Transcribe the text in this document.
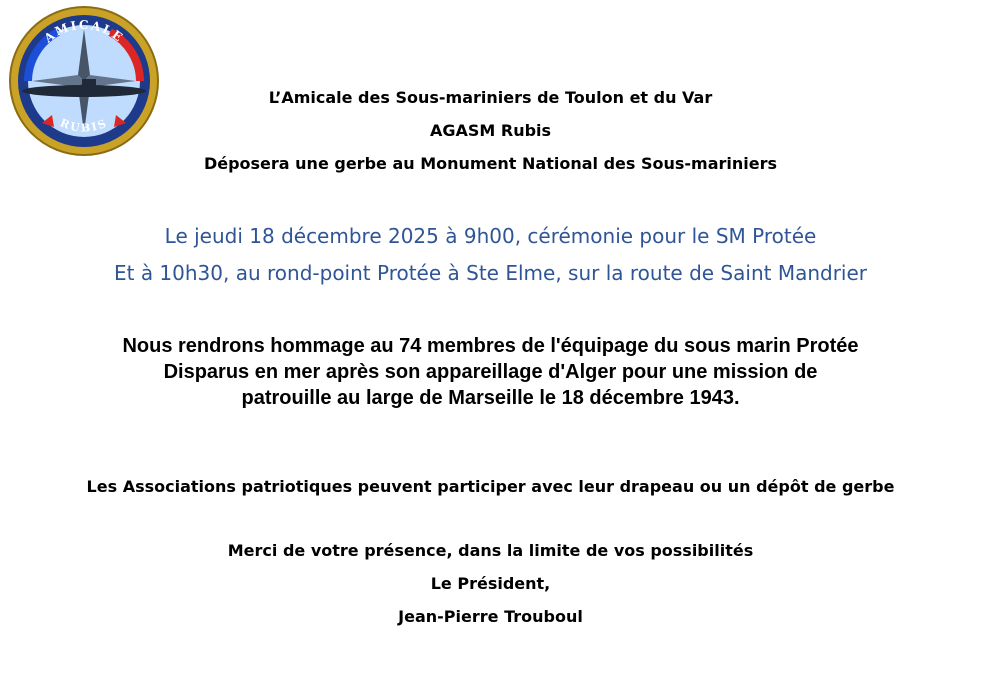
AMICALE
RUBIS
L’Amicale des Sous-mariniers de Toulon et du Var
AGASM Rubis
Déposera une gerbe au Monument National des Sous-mariniers
Le jeudi 18 décembre 2025 à 9h00, cérémonie pour le SM Protée
Et à 10h30, au rond-point Protée à Ste Elme, sur la route de Saint Mandrier
Nous rendrons hommage au 74 membres de l'équipage du sous marin Protée
Disparus en mer après son appareillage d'Alger pour une mission de
patrouille au large de Marseille le 18 décembre 1943.
Les Associations patriotiques peuvent participer avec leur drapeau ou un dépôt de gerbe
Merci de votre présence, dans la limite de vos possibilités
Le Président,
Jean-Pierre Trouboul
